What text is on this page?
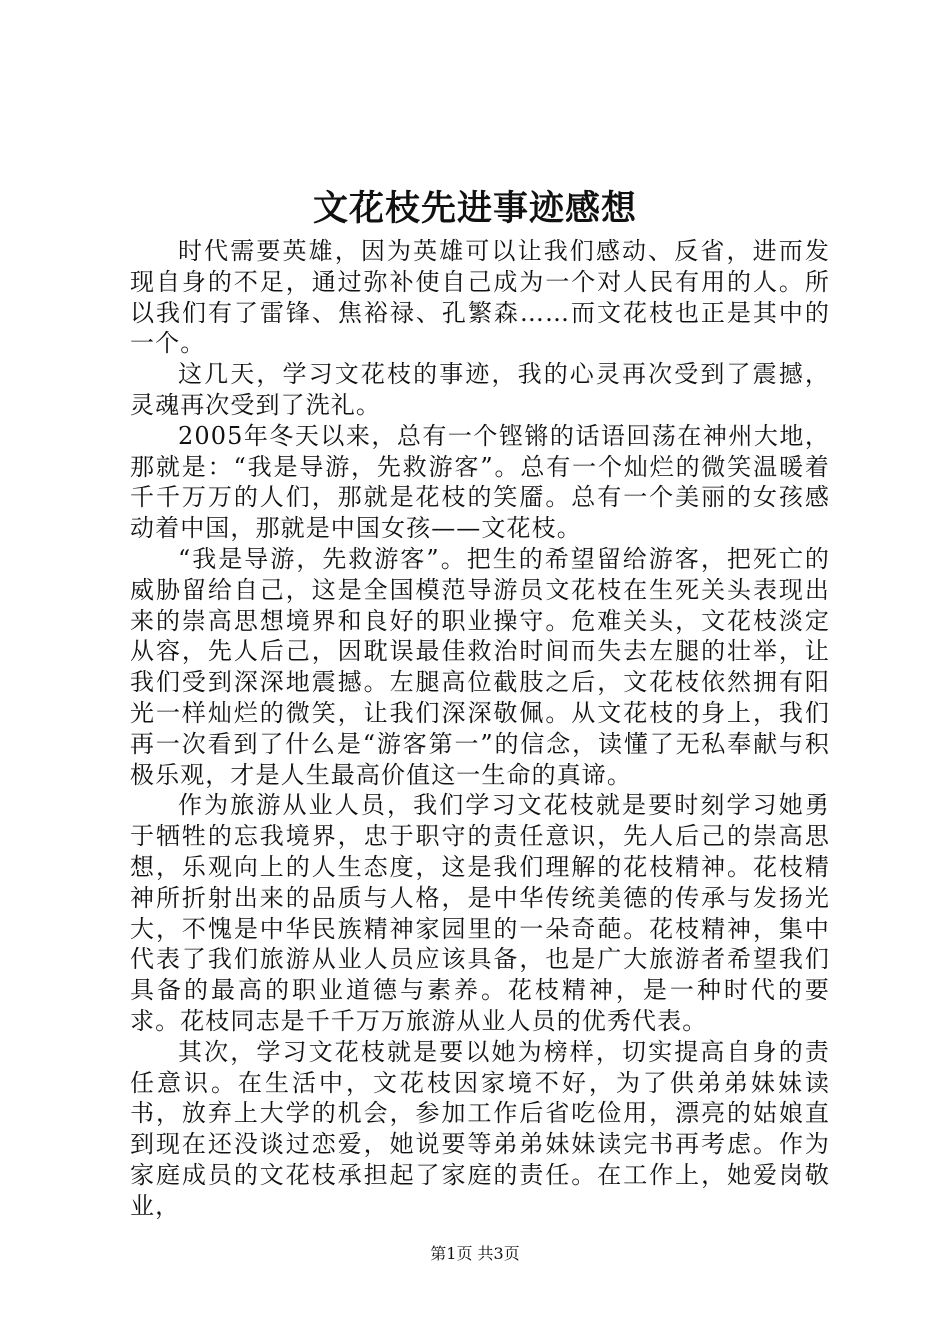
文花枝先进事迹感想

时代需要英雄，因为英雄可以让我们感动、反省，进而发现自身的不足，通过弥补使自己成为一个对人民有用的人。所以我们有了雷锋、焦裕禄、孔繁森……而文花枝也正是其中的一个。

这几天，学习文花枝的事迹，我的心灵再次受到了震撼，灵魂再次受到了洗礼。

2005年冬天以来，总有一个铿锵的话语回荡在神州大地，那就是：“我是导游，先救游客”。总有一个灿烂的微笑温暖着千千万万的人们，那就是花枝的笑靥。总有一个美丽的女孩感动着中国，那就是中国女孩——文花枝。

“我是导游，先救游客”。把生的希望留给游客，把死亡的威胁留给自己，这是全国模范导游员文花枝在生死关头表现出来的崇高思想境界和良好的职业操守。危难关头，文花枝淡定从容，先人后己，因耽误最佳救治时间而失去左腿的壮举，让我们受到深深地震撼。左腿高位截肢之后，文花枝依然拥有阳光一样灿烂的微笑，让我们深深敬佩。从文花枝的身上，我们再一次看到了什么是“游客第一”的信念，读懂了无私奉献与积极乐观，才是人生最高价值这一生命的真谛。

作为旅游从业人员，我们学习文花枝就是要时刻学习她勇于牺牲的忘我境界，忠于职守的责任意识，先人后己的崇高思想，乐观向上的人生态度，这是我们理解的花枝精神。花枝精神所折射出来的品质与人格，是中华传统美德的传承与发扬光大，不愧是中华民族精神家园里的一朵奇葩。花枝精神，集中代表了我们旅游从业人员应该具备，也是广大旅游者希望我们具备的最高的职业道德与素养。花枝精神，是一种时代的要求。花枝同志是千千万万旅游从业人员的优秀代表。

其次，学习文花枝就是要以她为榜样，切实提高自身的责任意识。在生活中，文花枝因家境不好，为了供弟弟妹妹读书，放弃上大学的机会，参加工作后省吃俭用，漂亮的姑娘直到现在还没谈过恋爱，她说要等弟弟妹妹读完书再考虑。作为家庭成员的文花枝承担起了家庭的责任。在工作上，她爱岗敬业，

第1页 共3页
